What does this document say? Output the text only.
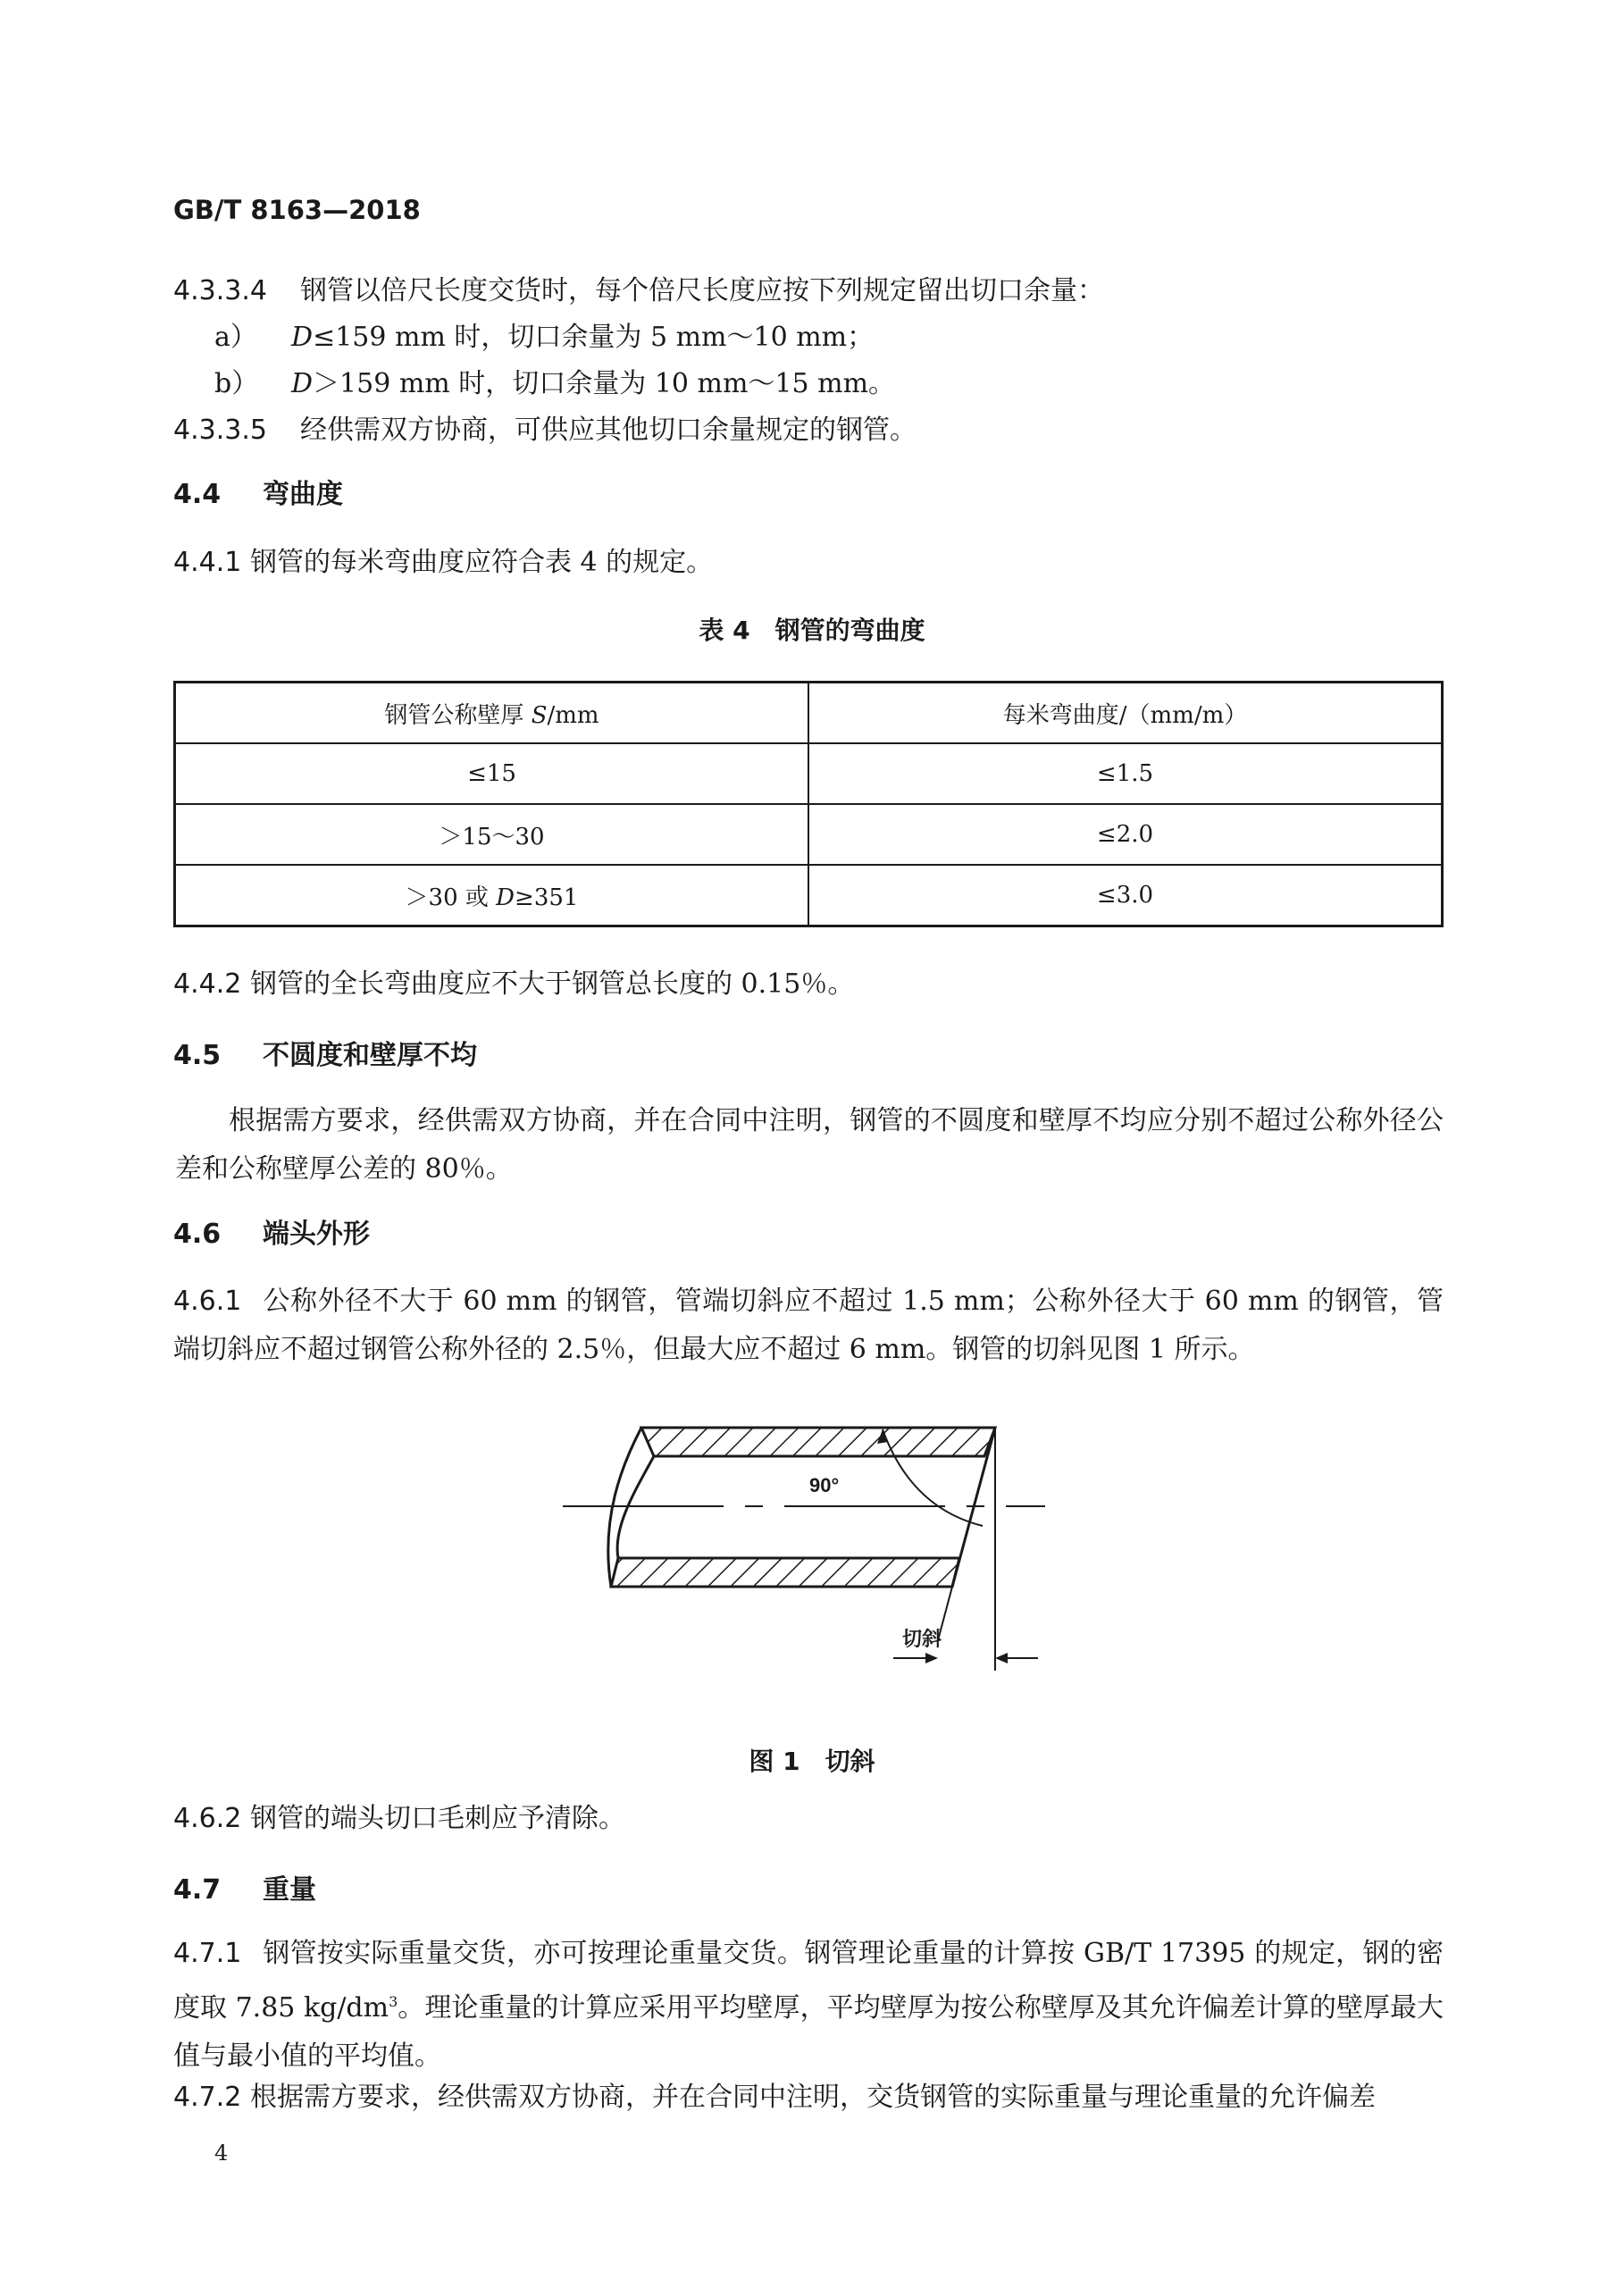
GB/T 8163—2018
4.3.3.4 钢管以倍尺长度交货时，每个倍尺长度应按下列规定留出切口余量：
a） D≤159 mm 时，切口余量为 5 mm～10 mm；
b） D＞159 mm 时，切口余量为 10 mm～15 mm。
4.3.3.5 经供需双方协商，可供应其他切口余量规定的钢管。
4.4 弯曲度
4.4.1 钢管的每米弯曲度应符合表 4 的规定。
表 4　钢管的弯曲度
钢管公称壁厚 S/mm	每米弯曲度/（mm/m）
≤15	≤1.5
＞15～30	≤2.0
＞30 或 D≥351	≤3.0
4.4.2 钢管的全长弯曲度应不大于钢管总长度的 0.15％。
4.5 不圆度和壁厚不均
根据需方要求，经供需双方协商，并在合同中注明，钢管的不圆度和壁厚不均应分别不超过公称外径公差和公称壁厚公差的 80％。
4.6 端头外形
4.6.1 公称外径不大于 60 mm 的钢管，管端切斜应不超过 1.5 mm；公称外径大于 60 mm 的钢管，管端切斜应不超过钢管公称外径的 2.5％，但最大应不超过 6 mm。钢管的切斜见图 1 所示。
90°
切斜
图 1　切斜
4.6.2 钢管的端头切口毛刺应予清除。
4.7 重量
4.7.1 钢管按实际重量交货，亦可按理论重量交货。钢管理论重量的计算按 GB/T 17395 的规定，钢的密度取 7.85 $kg/dm^3$。理论重量的计算应采用平均壁厚，平均壁厚为按公称壁厚及其允许偏差计算的壁厚最大值与最小值的平均值。
4.7.2 根据需方要求，经供需双方协商，并在合同中注明，交货钢管的实际重量与理论重量的允许偏差
4
